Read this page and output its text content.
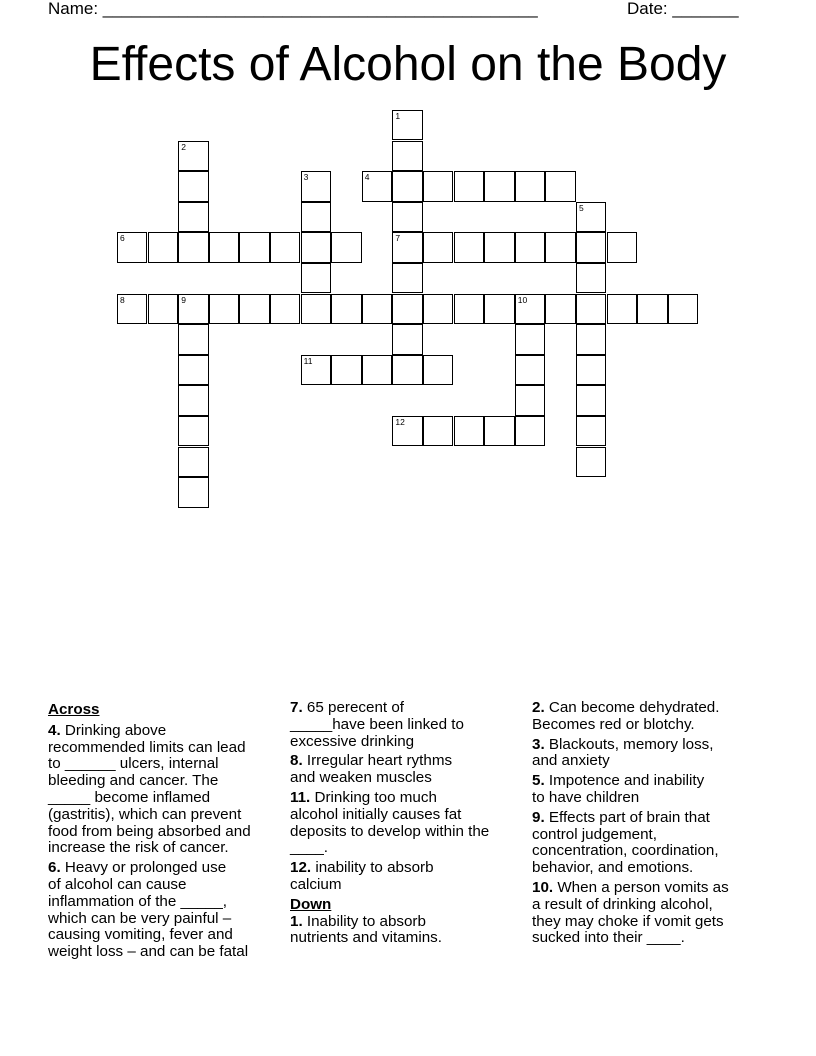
Name: ______________________________________________	Date: _______
Effects of Alcohol on the Body
1
7
2
3	4
5
6
8	9	10
11
12
Across
4. Drinking above
recommended limits can lead
to ______ ulcers, internal
bleeding and cancer. The
_____ become inflamed
(gastritis), which can prevent
food from being absorbed and
increase the risk of cancer.
6. Heavy or prolonged use
of alcohol can cause
inflammation of the _____,
which can be very painful –
causing vomiting, fever and
weight loss – and can be fatal
7. 65 perecent of
_____have been linked to
excessive drinking
8. Irregular heart rythms
and weaken muscles
11. Drinking too much
alcohol initially causes fat
deposits to develop within the
____.
12. inability to absorb
calcium
Down
1. Inability to absorb
nutrients and vitamins.
2. Can become dehydrated.
Becomes red or blotchy.
3. Blackouts, memory loss,
and anxiety
5. Impotence and inability
to have children
9. Effects part of brain that
control judgement,
concentration, coordination,
behavior, and emotions.
10. When a person vomits as
a result of drinking alcohol,
they may choke if vomit gets
sucked into their ____.
